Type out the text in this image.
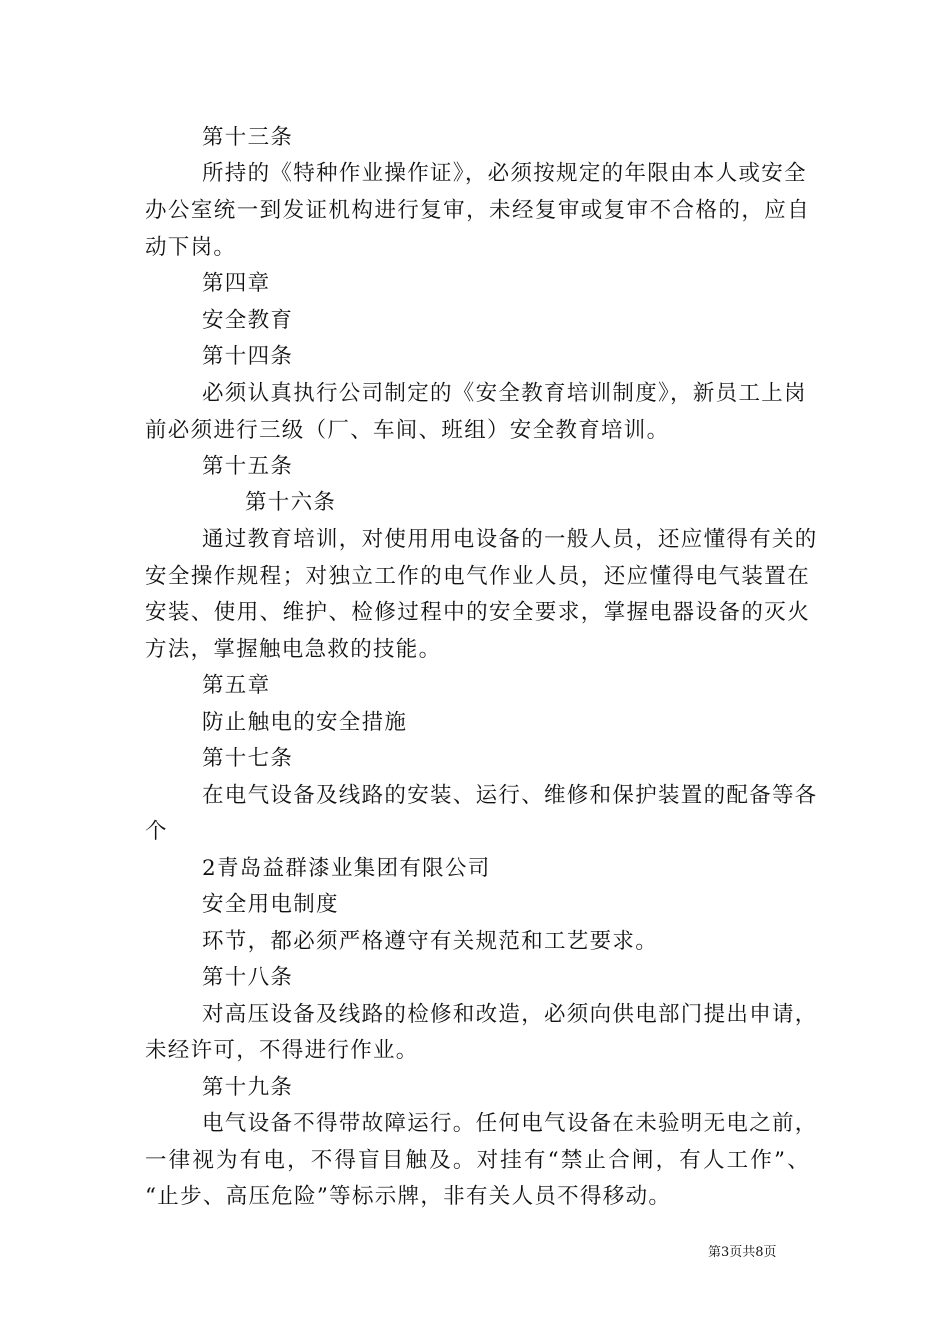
第十三条
所持的《特种作业操作证》，必须按规定的年限由本人或安全
办公室统一到发证机构进行复审，未经复审或复审不合格的，应自
动下岗。
第四章
安全教育
第十四条
必须认真执行公司制定的《安全教育培训制度》，新员工上岗
前必须进行三级（厂、车间、班组）安全教育培训。
第十五条
第十六条
通过教育培训，对使用用电设备的一般人员，还应懂得有关的
安全操作规程；对独立工作的电气作业人员，还应懂得电气装置在
安装、使用、维护、检修过程中的安全要求，掌握电器设备的灭火
方法，掌握触电急救的技能。
第五章
防止触电的安全措施
第十七条
在电气设备及线路的安装、运行、维修和保护装置的配备等各
个
2青岛益群漆业集团有限公司
安全用电制度
环节，都必须严格遵守有关规范和工艺要求。
第十八条
对高压设备及线路的检修和改造，必须向供电部门提出申请，
未经许可，不得进行作业。
第十九条
电气设备不得带故障运行。任何电气设备在未验明无电之前，
一律视为有电，不得盲目触及。对挂有“禁止合闸，有人工作”、
“止步、高压危险”等标示牌，非有关人员不得移动。
第3页共8页
